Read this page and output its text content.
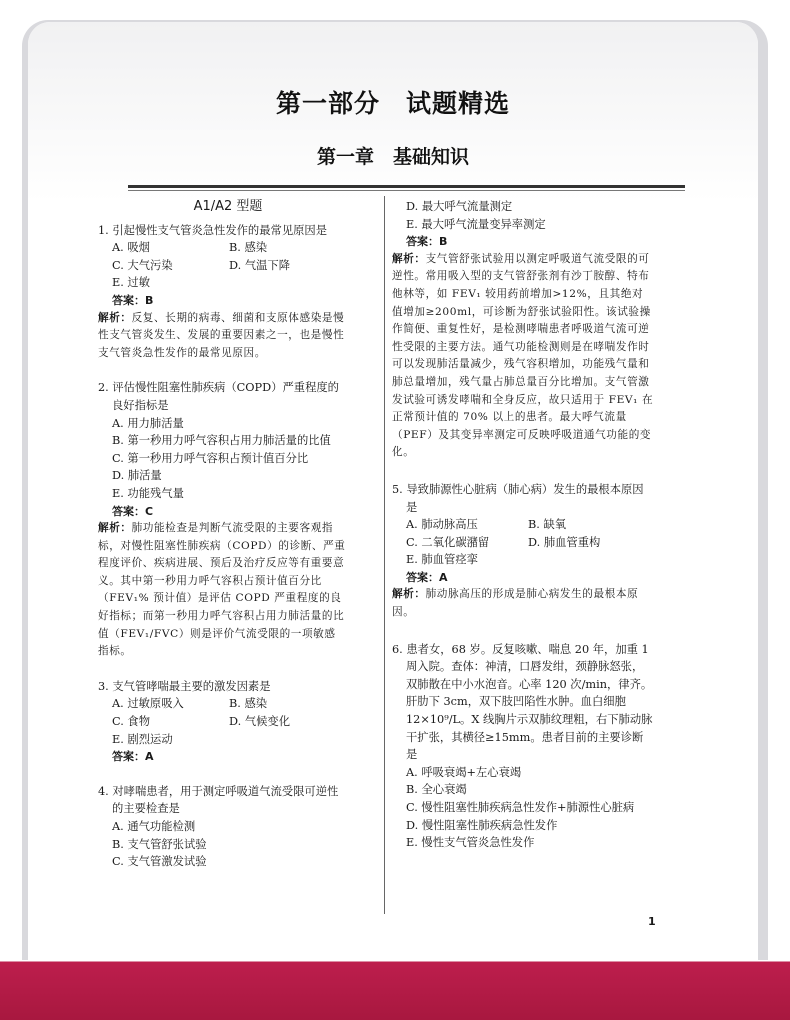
第一部分　试题精选
第一章　基础知识
A1/A2 型题
1. 引起慢性支气管炎急性发作的最常见原因是
A. 吸烟	B. 感染
C. 大气污染	D. 气温下降
E. 过敏
答案：B
解析：反复、长期的病毒、细菌和支原体感染是慢性支气管炎发生、发展的重要因素之一，也是慢性支气管炎急性发作的最常见原因。
2. 评估慢性阻塞性肺疾病（COPD）严重程度的良好指标是
A. 用力肺活量
B. 第一秒用力呼气容积占用力肺活量的比值
C. 第一秒用力呼气容积占预计值百分比
D. 肺活量
E. 功能残气量
答案：C
解析：肺功能检查是判断气流受限的主要客观指标，对慢性阻塞性肺疾病（COPD）的诊断、严重程度评价、疾病进展、预后及治疗反应等有重要意义。其中第一秒用力呼气容积占预计值百分比（FEV₁% 预计值）是评估 COPD 严重程度的良好指标；而第一秒用力呼气容积占用力肺活量的比值（FEV₁/FVC）则是评价气流受限的一项敏感指标。
3. 支气管哮喘最主要的激发因素是
A. 过敏原吸入	B. 感染
C. 食物	D. 气候变化
E. 剧烈运动
答案：A
4. 对哮喘患者，用于测定呼吸道气流受限可逆性的主要检查是
A. 通气功能检测
B. 支气管舒张试验
C. 支气管激发试验
D. 最大呼气流量测定
E. 最大呼气流量变异率测定
答案：B
解析：支气管舒张试验用以测定呼吸道气流受限的可逆性。常用吸入型的支气管舒张剂有沙丁胺醇、特布他林等，如 FEV₁ 较用药前增加>12%，且其绝对值增加≥200ml，可诊断为舒张试验阳性。该试验操作简便、重复性好，是检测哮喘患者呼吸道气流可逆性受限的主要方法。通气功能检测则是在哮喘发作时可以发现肺活量减少，残气容积增加，功能残气量和肺总量增加，残气量占肺总量百分比增加。支气管激发试验可诱发哮喘和全身反应，故只适用于 FEV₁ 在正常预计值的 70% 以上的患者。最大呼气流量（PEF）及其变异率测定可反映呼吸道通气功能的变化。
5. 导致肺源性心脏病（肺心病）发生的最根本原因是
A. 肺动脉高压	B. 缺氧
C. 二氧化碳潴留	D. 肺血管重构
E. 肺血管痉挛
答案：A
解析：肺动脉高压的形成是肺心病发生的最根本原因。
6. 患者女，68 岁。反复咳嗽、喘息 20 年，加重 1 周入院。查体：神清，口唇发绀，颈静脉怒张，双肺散在中小水泡音。心率 120 次/min，律齐。肝肋下 3cm，双下肢凹陷性水肿。血白细胞12×10⁹/L。X 线胸片示双肺纹理粗，右下肺动脉干扩张，其横径≥15mm。患者目前的主要诊断是
A. 呼吸衰竭+左心衰竭
B. 全心衰竭
C. 慢性阻塞性肺疾病急性发作+肺源性心脏病
D. 慢性阻塞性肺疾病急性发作
E. 慢性支气管炎急性发作
1
